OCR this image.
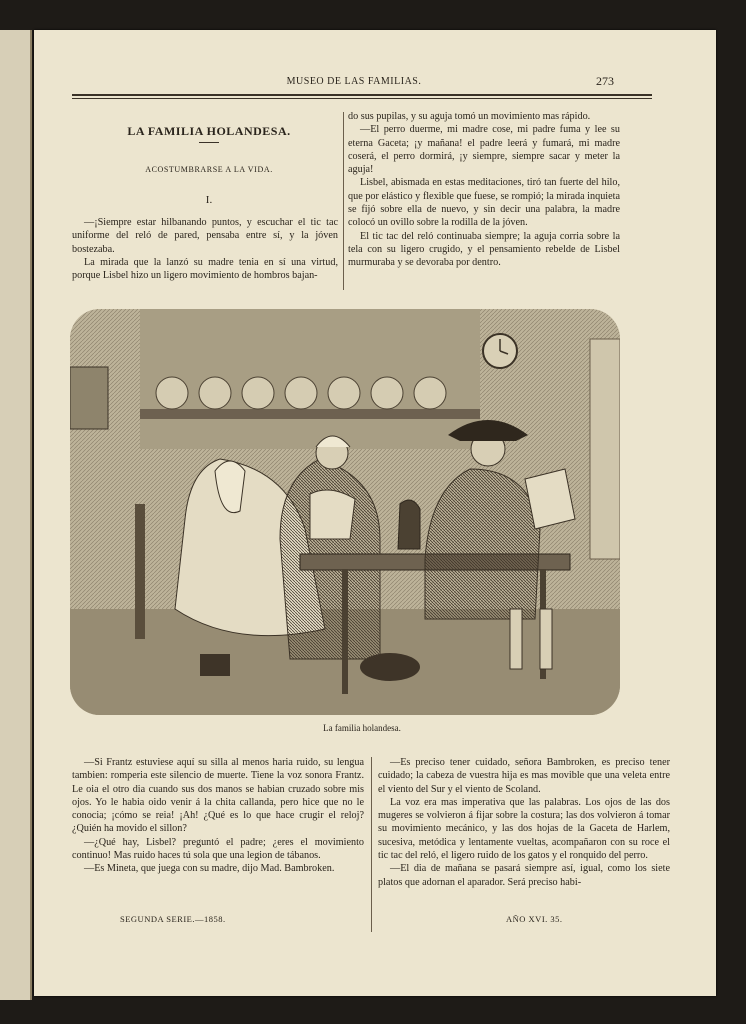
MUSEO DE LAS FAMILIAS.	273
LA FAMILIA HOLANDESA.
ACOSTUMBRARSE A LA VIDA.
I.

—¡Siempre estar hilbanando puntos, y escuchar el tic tac uniforme del reló de pared, pensaba entre sí, y la jóven bostezaba.

La mirada que la lanzó su madre tenia en sí una virtud, porque Lisbel hizo un ligero movimiento de hombros bajan-

do sus pupilas, y su aguja tomó un movimiento mas rápido.

—El perro duerme, mi madre cose, mi padre fuma y lee su eterna Gaceta; ¡y mañana! el padre leerá y fumará, mi madre coserá, el perro dormirá, ¡y siempre, siempre sacar y meter la aguja!

Lisbel, abismada en estas meditaciones, tiró tan fuerte del hilo, que por elástico y flexible que fuese, se rompió; la mirada inquieta se fijó sobre ella de nuevo, y sin decir una palabra, la madre colocó un ovillo sobre la rodilla de la jóven.

El tic tac del reló continuaba siempre; la aguja corria sobre la tela con su ligero crugido, y el pensamiento rebelde de Lisbel murmuraba y se devoraba por dentro.

La familia holandesa.

—Si Frantz estuviese aquí su silla al menos haria ruido, su lengua tambien: romperia este silencio de muerte. Tiene la voz sonora Frantz. Le oia el otro dia cuando sus dos manos se habian cruzado sobre mis ojos. Yo le habia oido venir á la chita callanda, pero hice que no le conocia; ¡cómo se reia! ¡Ah! ¿Qué es lo que hace crugir el reloj? ¿Quién ha movido el sillon?

—¿Qué hay, Lisbel? preguntó el padre; ¿eres el movimiento continuo! Mas ruido haces tú sola que una legion de tábanos.

—Es Mineta, que juega con su madre, dijo Mad. Bambroken.

—Es preciso tener cuidado, señora Bambroken, es preciso tener cuidado; la cabeza de vuestra hija es mas movible que una veleta entre el viento del Sur y el viento de Scoland.

La voz era mas imperativa que las palabras. Los ojos de las dos mugeres se volvieron á fijar sobre la costura; las dos volvieron á tomar su movimiento mecánico, y las dos hojas de la Gaceta de Harlem, sucesiva, metódica y lentamente vueltas, acompañaron con su roce el tic tac del reló, el ligero ruido de los gatos y el ronquido del perro.

—El dia de mañana se pasará siempre así, igual, como los siete platos que adornan el aparador. Será preciso habi-

SEGUNDA SERIE.—1858.	AÑO XVI. 35.
